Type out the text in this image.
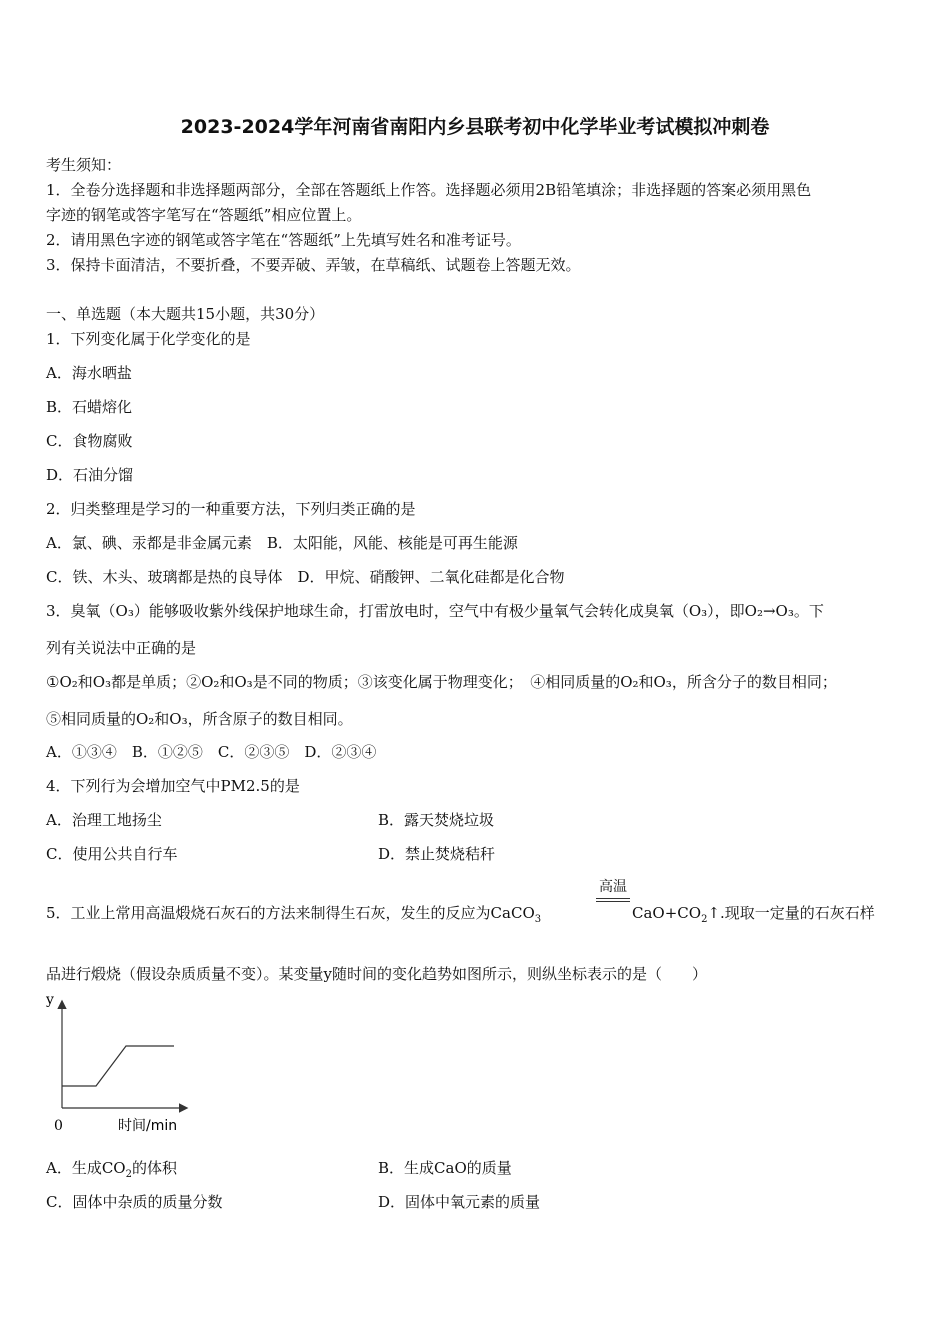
2023-2024学年河南省南阳内乡县联考初中化学毕业考试模拟冲刺卷
考生须知：
1．全卷分选择题和非选择题两部分，全部在答题纸上作答。选择题必须用2B铅笔填涂；非选择题的答案必须用黑色
字迹的钢笔或答字笔写在“答题纸”相应位置上。
2．请用黑色字迹的钢笔或答字笔在“答题纸”上先填写姓名和准考证号。
3．保持卡面清洁，不要折叠，不要弄破、弄皱，在草稿纸、试题卷上答题无效。
一、单选题（本大题共15小题，共30分）
1．下列变化属于化学变化的是
A．海水晒盐
B．石蜡熔化
C．食物腐败
D．石油分馏
2．归类整理是学习的一种重要方法，下列归类正确的是
A．氯、碘、汞都是非金属元素　B．太阳能，风能、核能是可再生能源
C．铁、木头、玻璃都是热的良导体　D．甲烷、硝酸钾、二氧化硅都是化合物
3．臭氧（O₃）能够吸收紫外线保护地球生命，打雷放电时，空气中有极少量氧气会转化成臭氧（O₃），即O₂→O₃。下
列有关说法中正确的是
①O₂和O₃都是单质；②O₂和O₃是不同的物质；③该变化属于物理变化；　④相同质量的O₂和O₃，所含分子的数目相同；
⑤相同质量的O₂和O₃，所含原子的数目相同。
A．①③④　B．①②⑤　C．②③⑤　D．②③④
4．下列行为会增加空气中PM2.5的是
A．治理工地扬尘	B．露天焚烧垃圾
C．使用公共自行车	D．禁止焚烧秸秆
5．工业上常用高温煅烧石灰石的方法来制得生石灰，发生的反应为CaCO$_3$
高温
$CaO+CO_2↑$.现取一定量的石灰石样
品进行煅烧（假设杂质质量不变）。某变量y随时间的变化趋势如图所示，则纵坐标表示的是（　　）
y
0	时间/min
A．生成$CO_2$的体积	B．生成CaO的质量
C．固体中杂质的质量分数	D．固体中氧元素的质量
